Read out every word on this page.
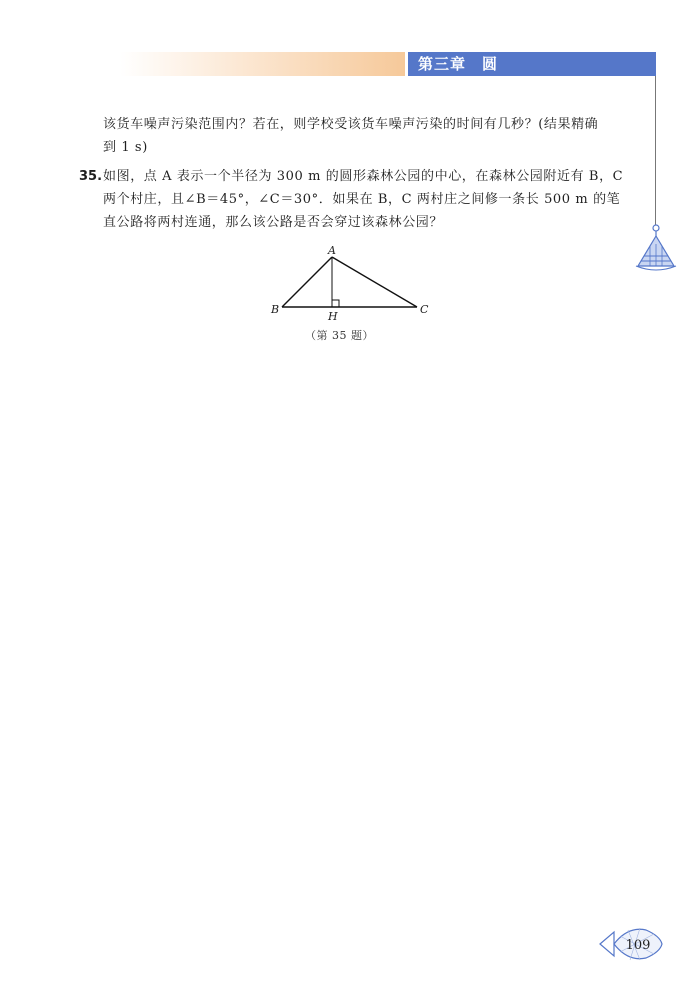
第三章　圆
该货车噪声污染范围内？若在，则学校受该货车噪声污染的时间有几秒？(结果精确
到 1 s)
35. 如图，点 A 表示一个半径为 300 m 的圆形森林公园的中心，在森林公园附近有 B，C
两个村庄，且∠B＝45°，∠C＝30°．如果在 B，C 两村庄之间修一条长 500 m 的笔
直公路将两村连通，那么该公路是否会穿过该森林公园？
A
B	C
H
（第 35 题）
109
